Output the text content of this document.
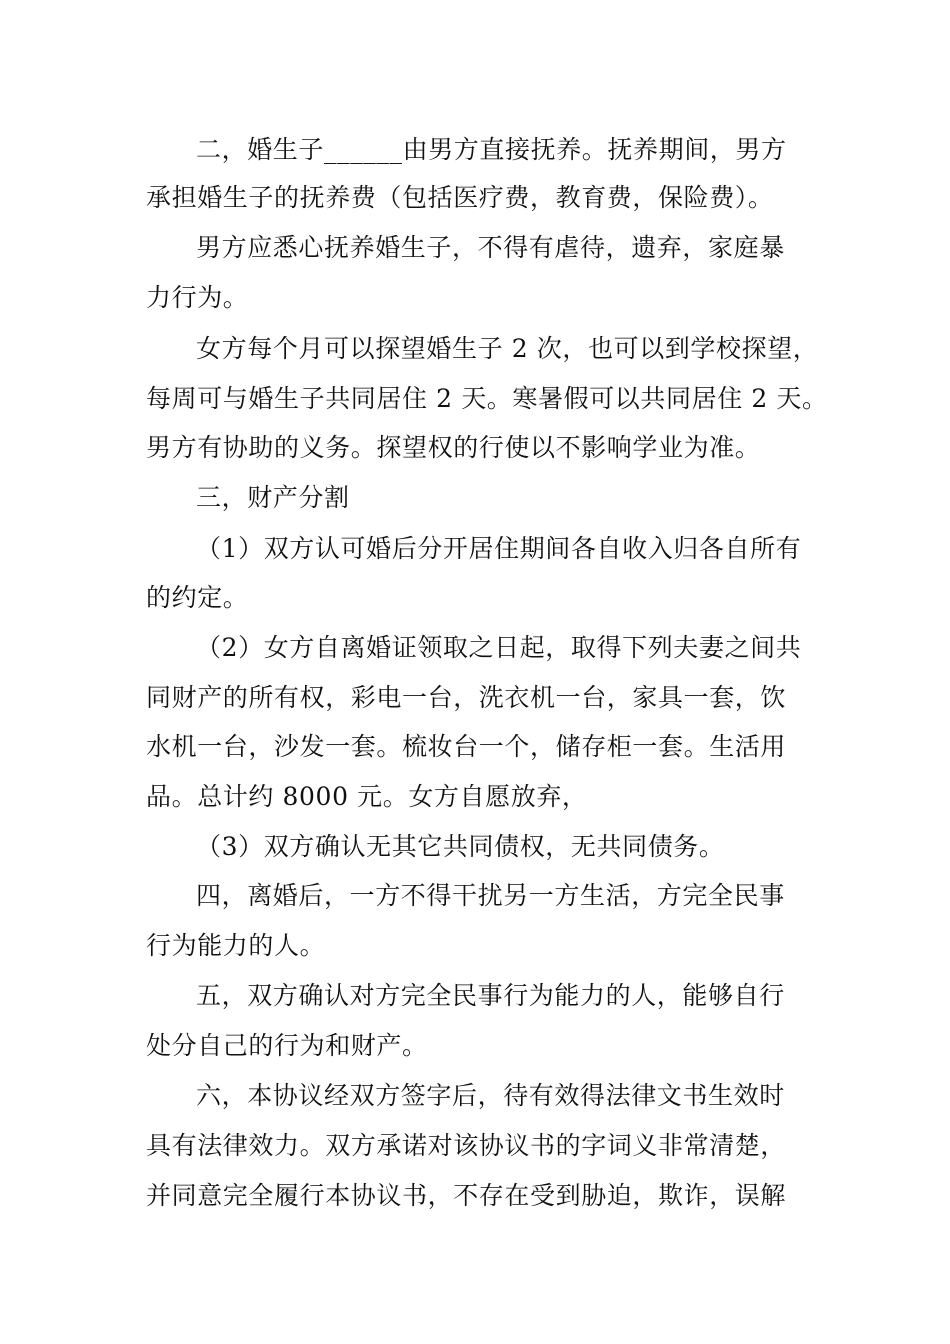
二，婚生子______由男方直接抚养。抚养期间，男方
承担婚生子的抚养费（包括医疗费，教育费，保险费）。
男方应悉心抚养婚生子，不得有虐待，遗弃，家庭暴
力行为。
女方每个月可以探望婚生子 2 次，也可以到学校探望，
每周可与婚生子共同居住 2 天。寒暑假可以共同居住 2 天。
男方有协助的义务。探望权的行使以不影响学业为准。
三，财产分割
（1）双方认可婚后分开居住期间各自收入归各自所有
的约定。
（2）女方自离婚证领取之日起，取得下列夫妻之间共
同财产的所有权，彩电一台，洗衣机一台，家具一套，饮
水机一台，沙发一套。梳妆台一个，储存柜一套。生活用
品。总计约 8000 元。女方自愿放弃，
（3）双方确认无其它共同债权，无共同债务。
四，离婚后，一方不得干扰另一方生活，方完全民事
行为能力的人。
五，双方确认对方完全民事行为能力的人，能够自行
处分自己的行为和财产。
六，本协议经双方签字后，待有效得法律文书生效时
具有法律效力。双方承诺对该协议书的字词义非常清楚，
并同意完全履行本协议书，不存在受到胁迫，欺诈，误解
